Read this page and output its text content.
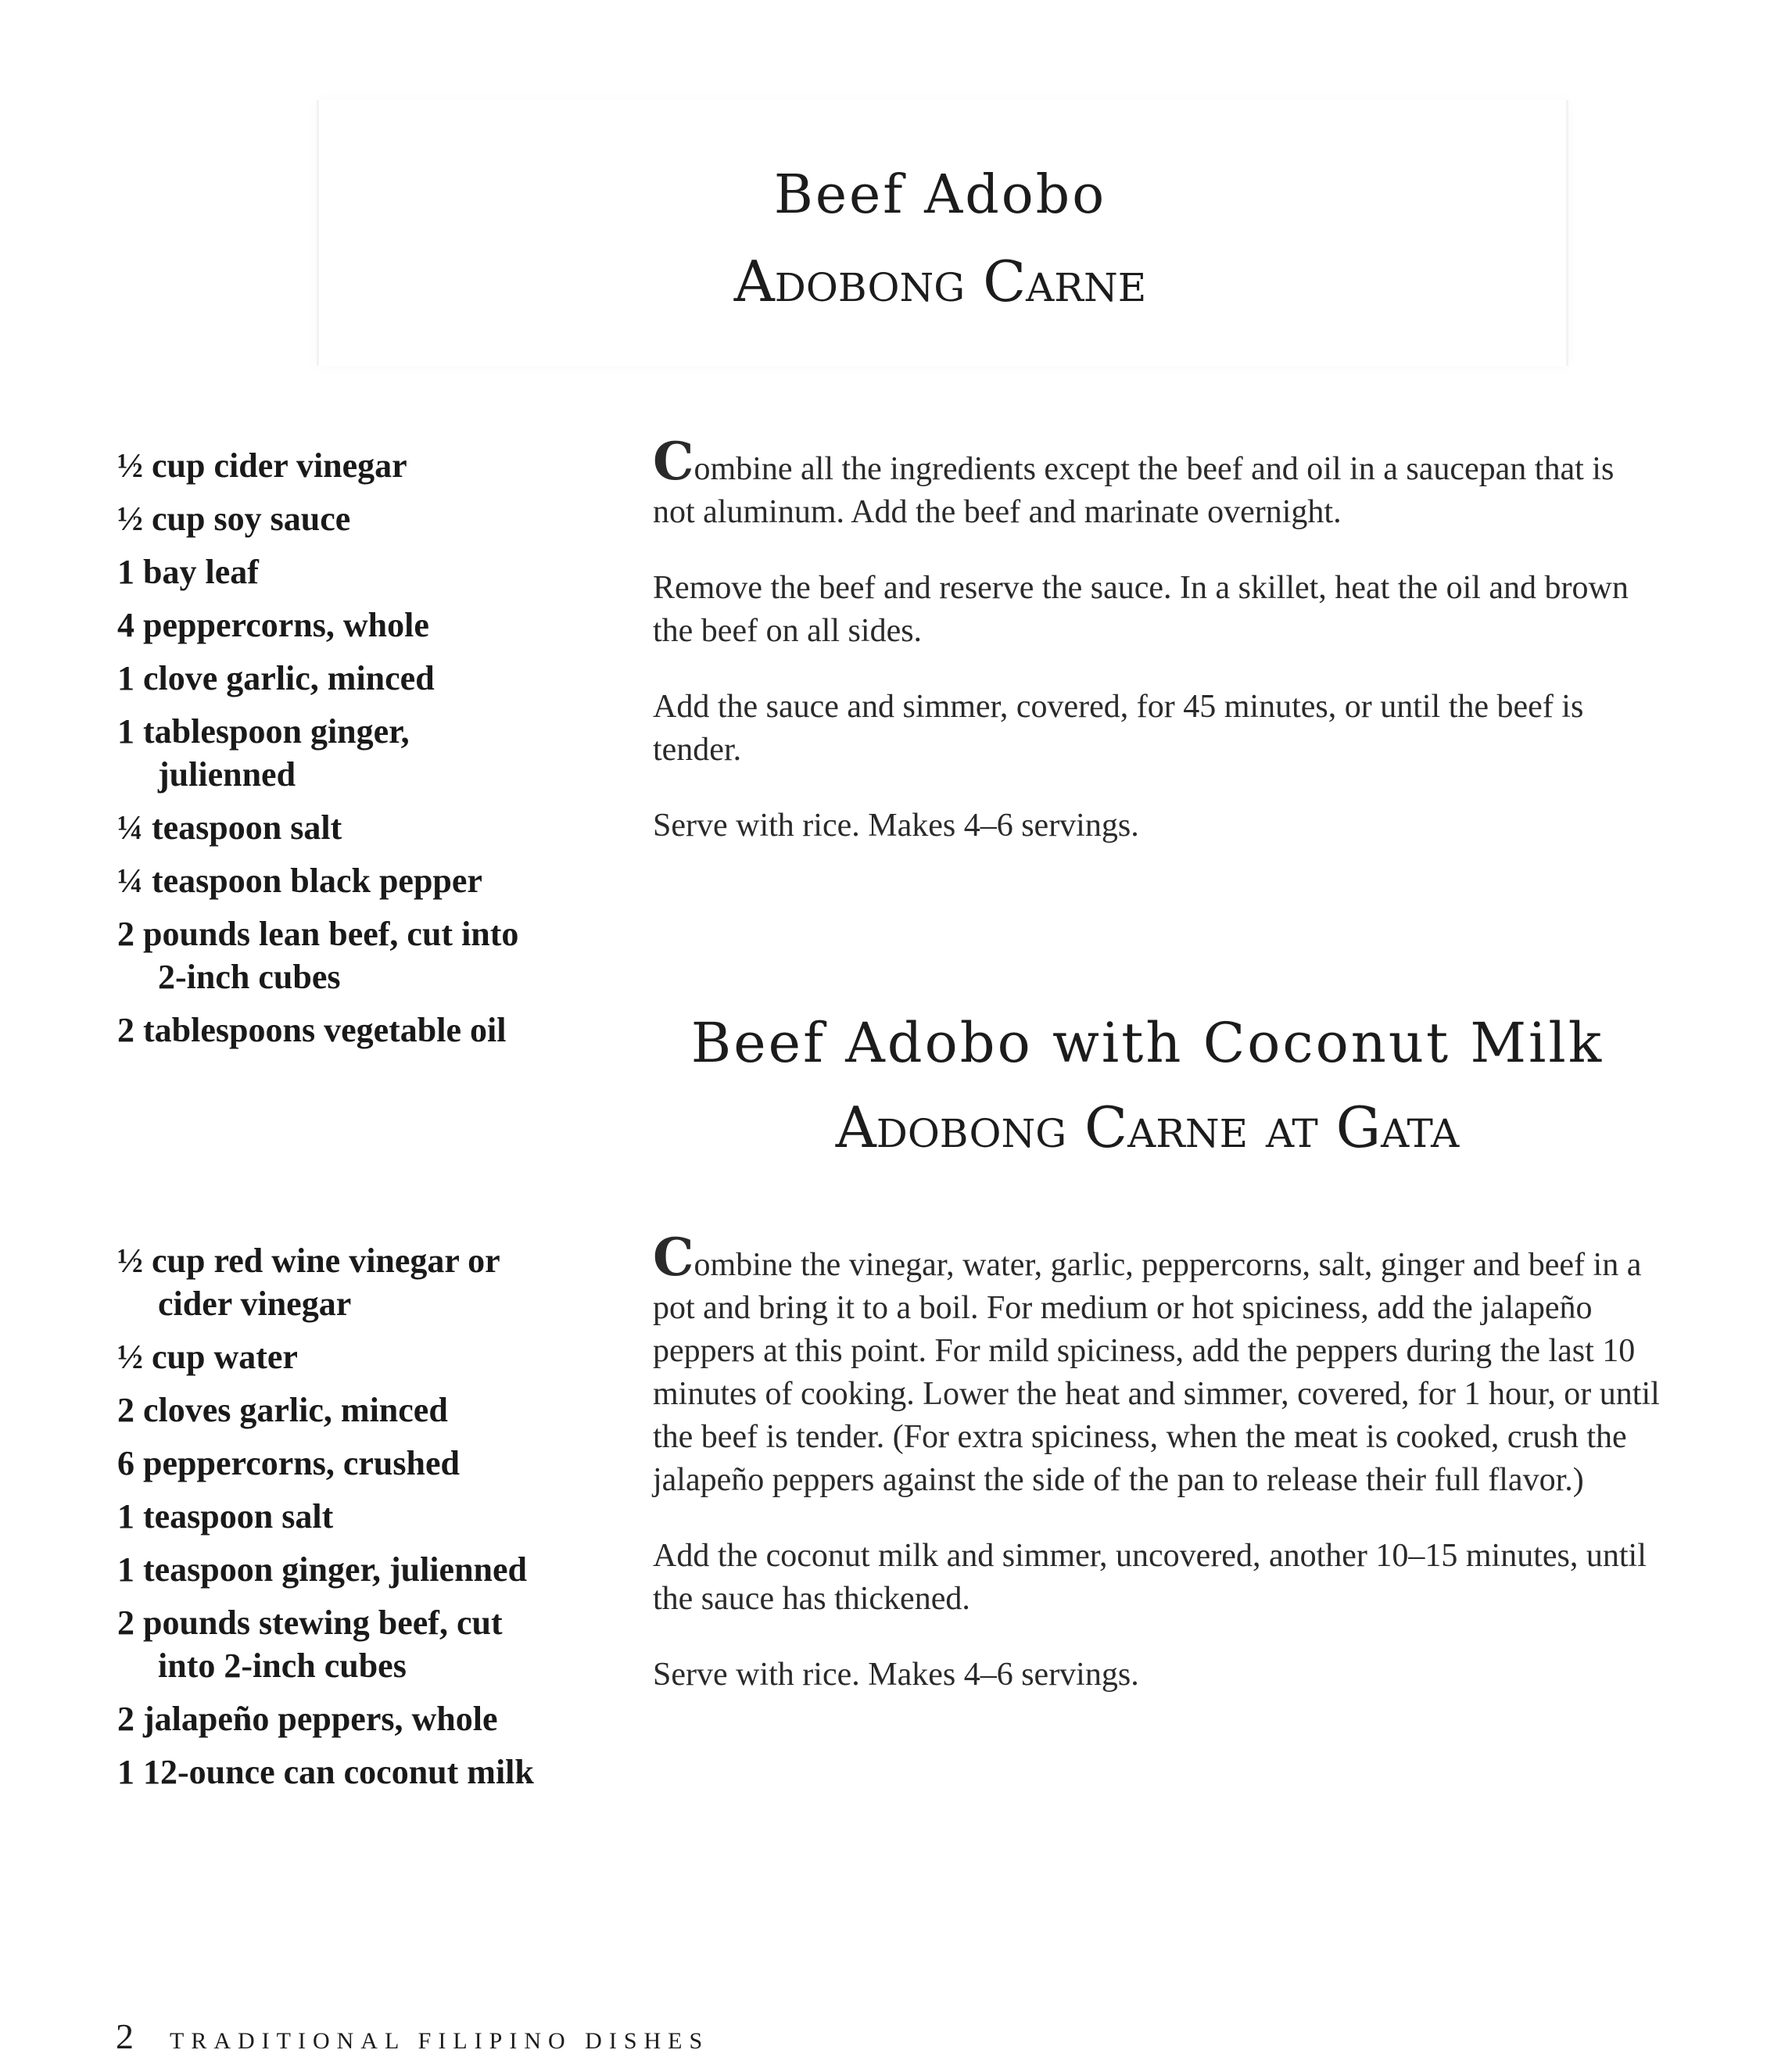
Beef Adobo
Adobong Carne
½ cup cider vinegar
½ cup soy sauce
1 bay leaf
4 peppercorns, whole
1 clove garlic, minced
1 tablespoon ginger, julienned
¼ teaspoon salt
¼ teaspoon black pepper
2 pounds lean beef, cut into 2-inch cubes
2 tablespoons vegetable oil

Combine all the ingredients except the beef and oil in a saucepan that is not aluminum. Add the beef and marinate overnight.

Remove the beef and reserve the sauce. In a skillet, heat the oil and brown the beef on all sides.

Add the sauce and simmer, covered, for 45 minutes, or until the beef is tender.

Serve with rice. Makes 4–6 servings.

Beef Adobo with Coconut Milk
Adobong Carne at Gata
½ cup red wine vinegar or cider vinegar
½ cup water
2 cloves garlic, minced
6 peppercorns, crushed
1 teaspoon salt
1 teaspoon ginger, julienned
2 pounds stewing beef, cut into 2-inch cubes
2 jalapeño peppers, whole
1 12-ounce can coconut milk

Combine the vinegar, water, garlic, peppercorns, salt, ginger and beef in a pot and bring it to a boil. For medium or hot spiciness, add the jalapeño peppers at this point. For mild spiciness, add the peppers during the last 10 minutes of cooking. Lower the heat and simmer, covered, for 1 hour, or until the beef is tender. (For extra spiciness, when the meat is cooked, crush the jalapeño peppers against the side of the pan to release their full flavor.)

Add the coconut milk and simmer, uncovered, another 10–15 minutes, until the sauce has thickened.

Serve with rice. Makes 4–6 servings.

2 TRADITIONAL FILIPINO DISHES
